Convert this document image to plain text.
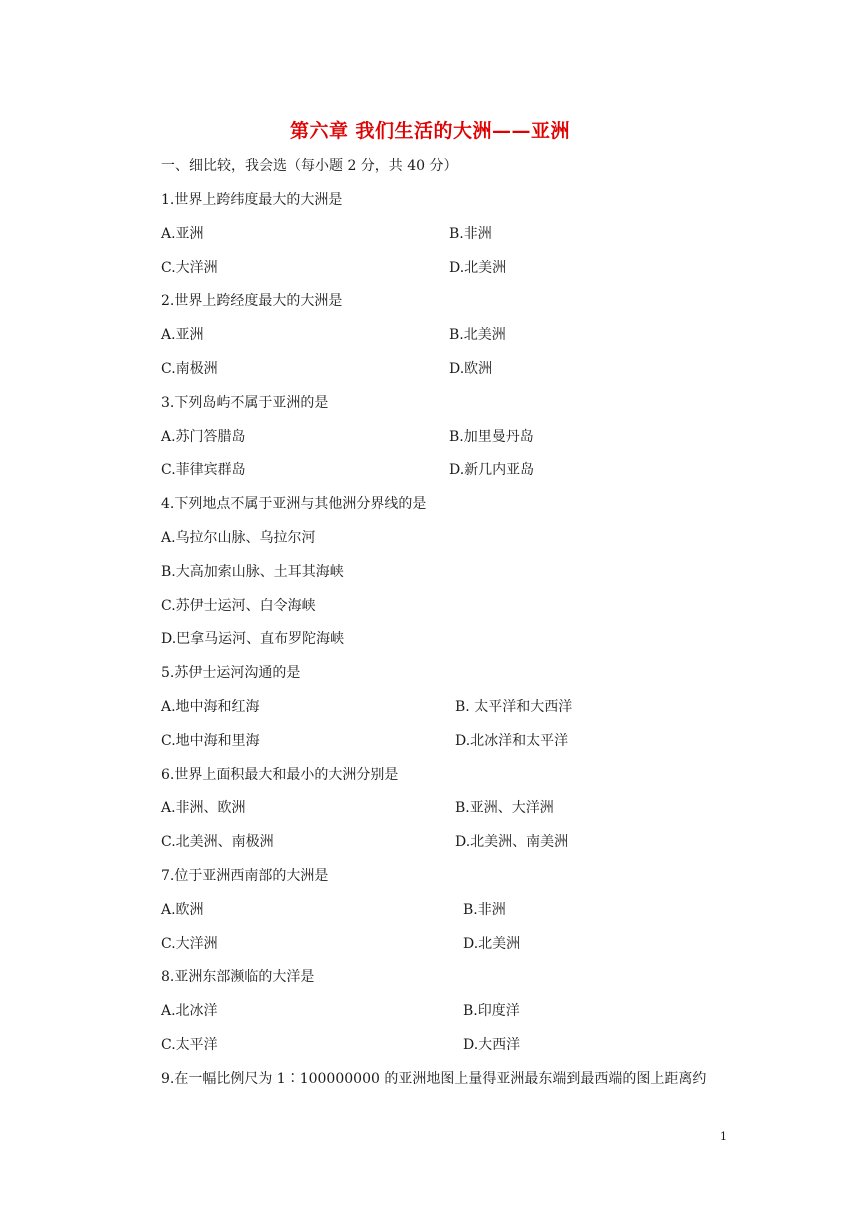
第六章 我们生活的大洲——亚洲
一、细比较，我会选（每小题 2 分，共 40 分）
1.世界上跨纬度最大的大洲是
A.亚洲	B.非洲
C.大洋洲	D.北美洲
2.世界上跨经度最大的大洲是
A.亚洲	B.北美洲
C.南极洲	D.欧洲
3.下列岛屿不属于亚洲的是
A.苏门答腊岛	B.加里曼丹岛
C.菲律宾群岛	D.新几内亚岛
4.下列地点不属于亚洲与其他洲分界线的是
A.乌拉尔山脉、乌拉尔河
B.大高加索山脉、土耳其海峡
C.苏伊士运河、白令海峡
D.巴拿马运河、直布罗陀海峡
5.苏伊士运河沟通的是
A.地中海和红海	B. 太平洋和大西洋
C.地中海和里海	D.北冰洋和太平洋
6.世界上面积最大和最小的大洲分别是
A.非洲、欧洲	B.亚洲、大洋洲
C.北美洲、南极洲	D.北美洲、南美洲
7.位于亚洲西南部的大洲是
A.欧洲	B.非洲
C.大洋洲	D.北美洲
8.亚洲东部濒临的大洋是
A.北冰洋	B.印度洋
C.太平洋	D.大西洋
9.在一幅比例尺为 1∶100000000 的亚洲地图上量得亚洲最东端到最西端的图上距离约
1
